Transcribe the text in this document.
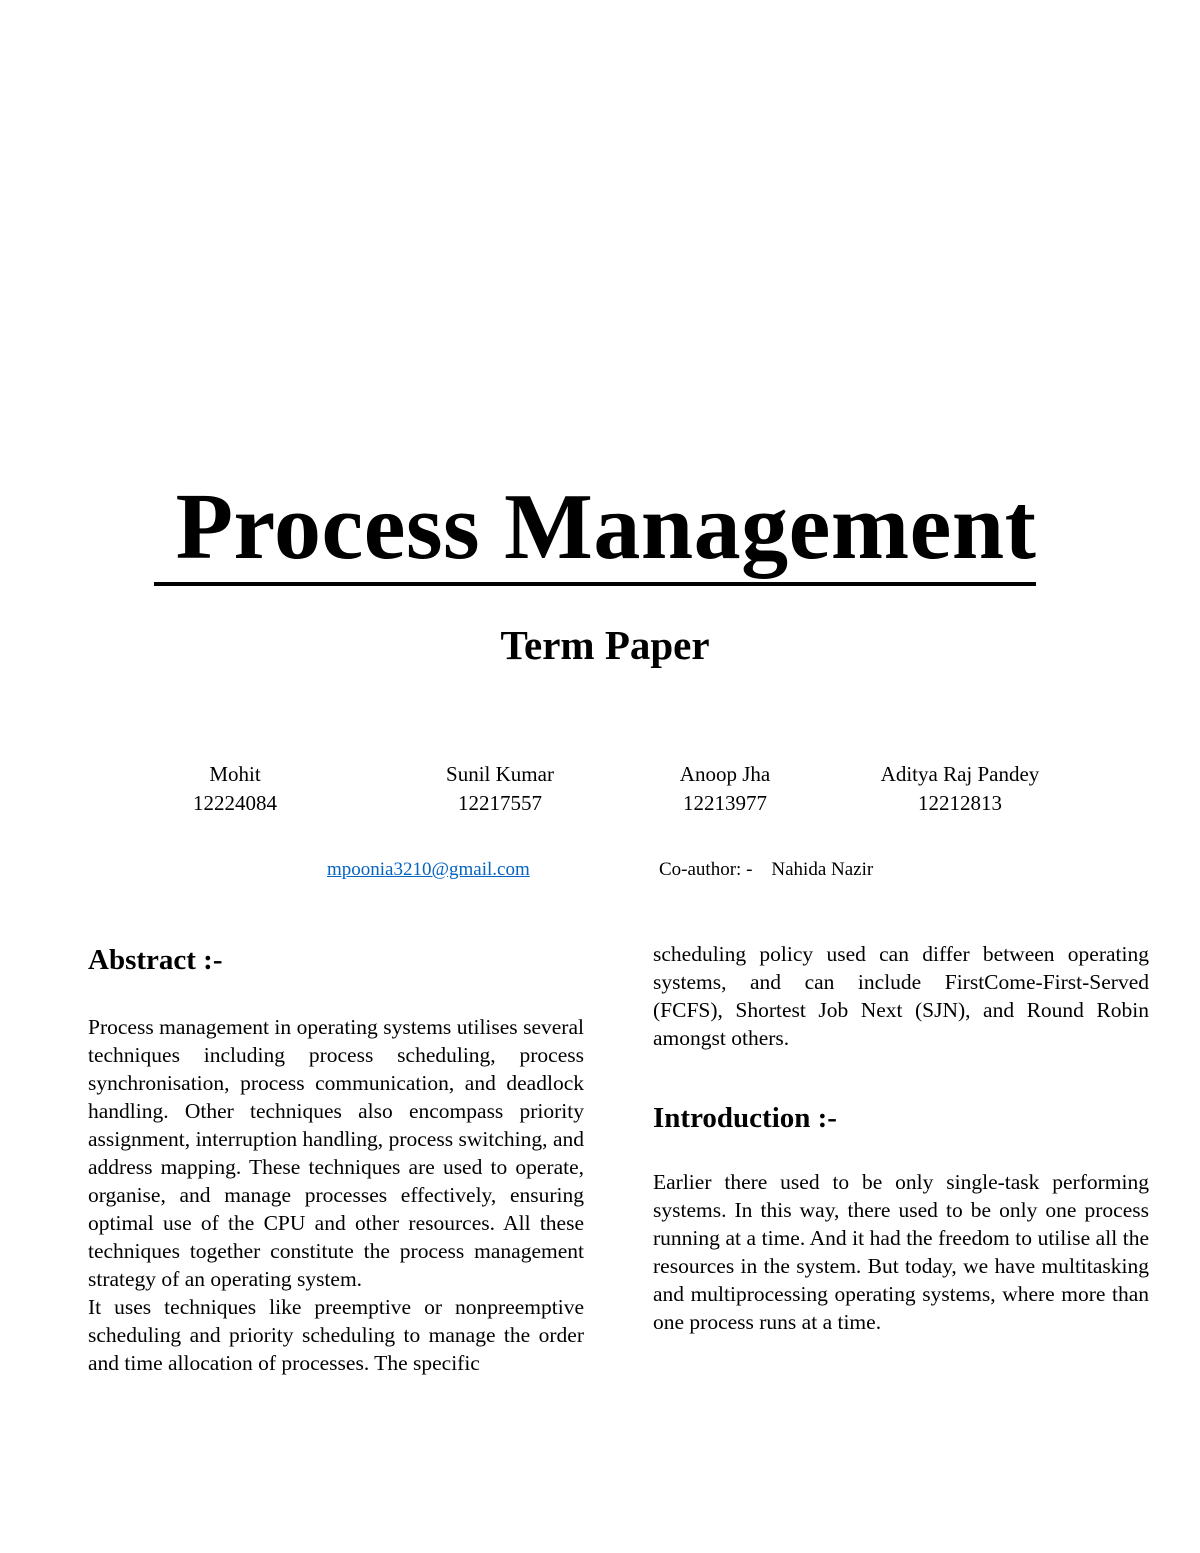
Process Management
Term Paper
Mohit
12224084
Sunil Kumar
12217557
Anoop Jha
12213977
Aditya Raj Pandey
12212813
mpoonia3210@gmail.com	Co-author: - Nahida Nazir
Abstract :-

Process management in operating systems utilises several techniques including process scheduling, process synchronisation, process communication, and deadlock handling. Other techniques also encompass priority assignment, interruption handling, process switching, and address mapping. These techniques are used to operate, organise, and manage processes effectively, ensuring optimal use of the CPU and other resources. All these techniques together constitute the process management strategy of an operating system.

It uses techniques like preemptive or nonpreemptive scheduling and priority scheduling to manage the order and time allocation of processes. The specific

scheduling policy used can differ between operating systems, and can include FirstCome-First-Served (FCFS), Shortest Job Next (SJN), and Round Robin amongst others.

Introduction :-

Earlier there used to be only single-task performing systems. In this way, there used to be only one process running at a time. And it had the freedom to utilise all the resources in the system. But today, we have multitasking and multiprocessing operating systems, where more than one process runs at a time.
